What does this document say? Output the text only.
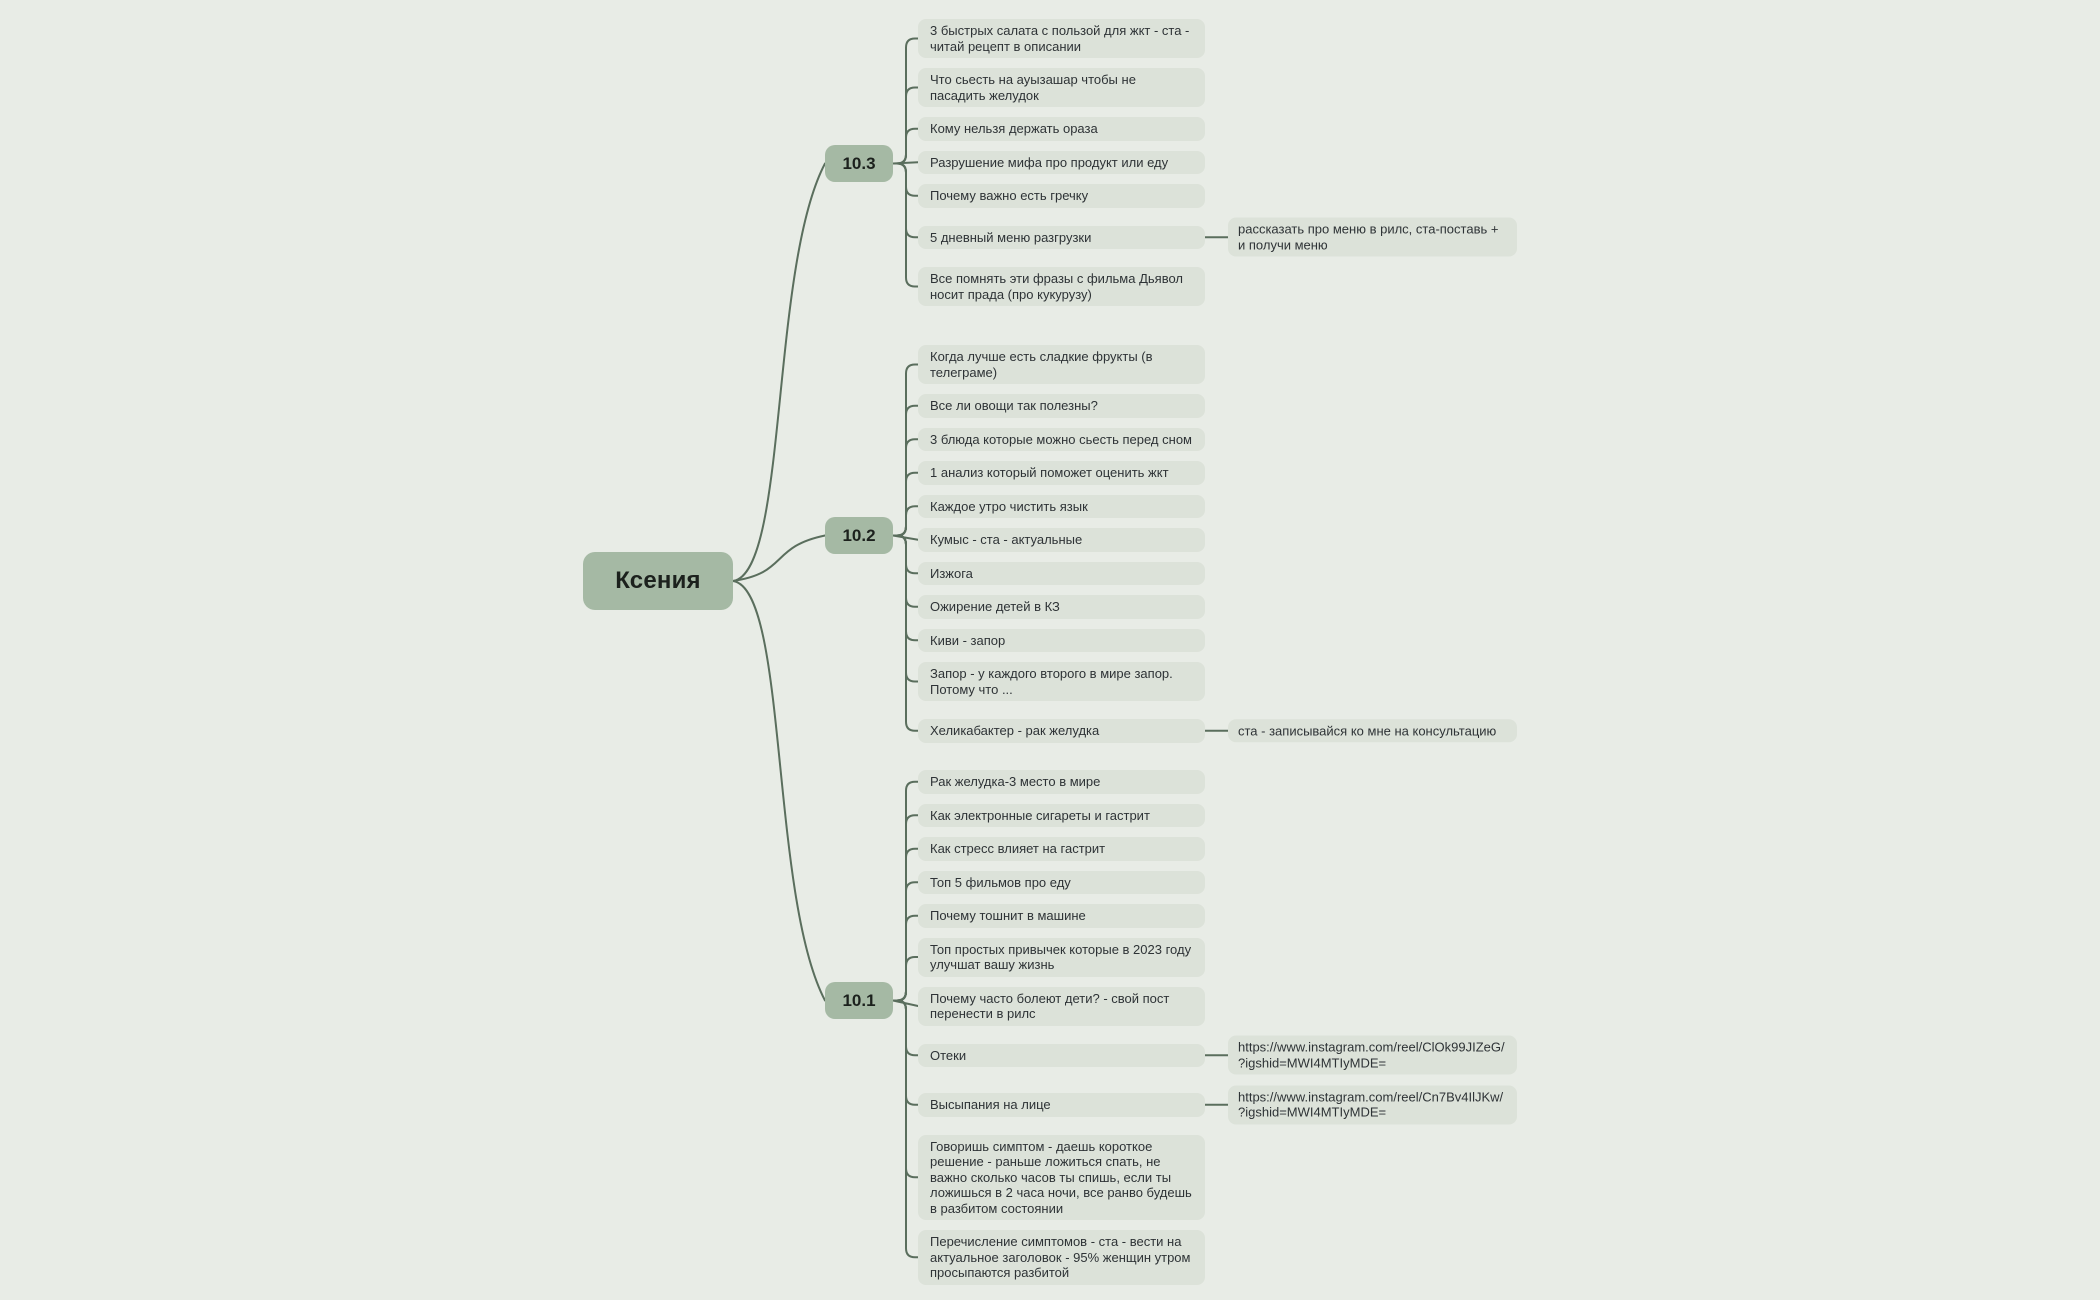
Ксения
10.3
10.2
10.1
3 быстрых салата с пользой для жкт - ста - читай рецепт в описании
Что сьесть на ауызашар чтобы не пасадить желудок
Кому нельзя держать ораза
Разрушение мифа про продукт или еду
Почему важно есть гречку
5 дневный меню разгрузки
рассказать про меню в рилс, ста-поставь + и получи меню
Все помнять эти фразы с фильма Дьявол носит прада (про кукурузу)
Когда лучше есть сладкие фрукты (в телеграме)
Все ли овощи так полезны?
3 блюда которые можно сьесть перед сном
1 анализ который поможет оценить жкт
Каждое утро чистить язык
Кумыс - ста - актуальные
Изжога
Ожирение детей в КЗ
Киви - запор
Запор - у каждого второго в мире запор. Потому что ...
Хеликабактер - рак желудка	ста - записывайся ко мне на консультацию
Рак желудка-3 место в мире
Как электронные сигареты и гастрит
Как стресс влияет на гастрит
Топ 5 фильмов про еду
Почему тошнит в машине
Топ простых привычек которые в 2023 году улучшат вашу жизнь
Почему часто болеют дети? - свой пост перенести в рилс
Отеки
https://www.instagram.com/reel/ClOk99JIZeG/?igshid=MWI4MTIyMDE=
Высыпания на лице
https://www.instagram.com/reel/Cn7Bv4IlJKw/?igshid=MWI4MTIyMDE=
Говоришь симптом - даешь короткое решение - раньше ложиться спать, не важно сколько часов ты спишь, если ты ложишься в 2 часа ночи, все ранво будешь в разбитом состоянии
Перечисление симптомов - ста - вести на актуальное заголовок - 95% женщин утром просыпаются разбитой
